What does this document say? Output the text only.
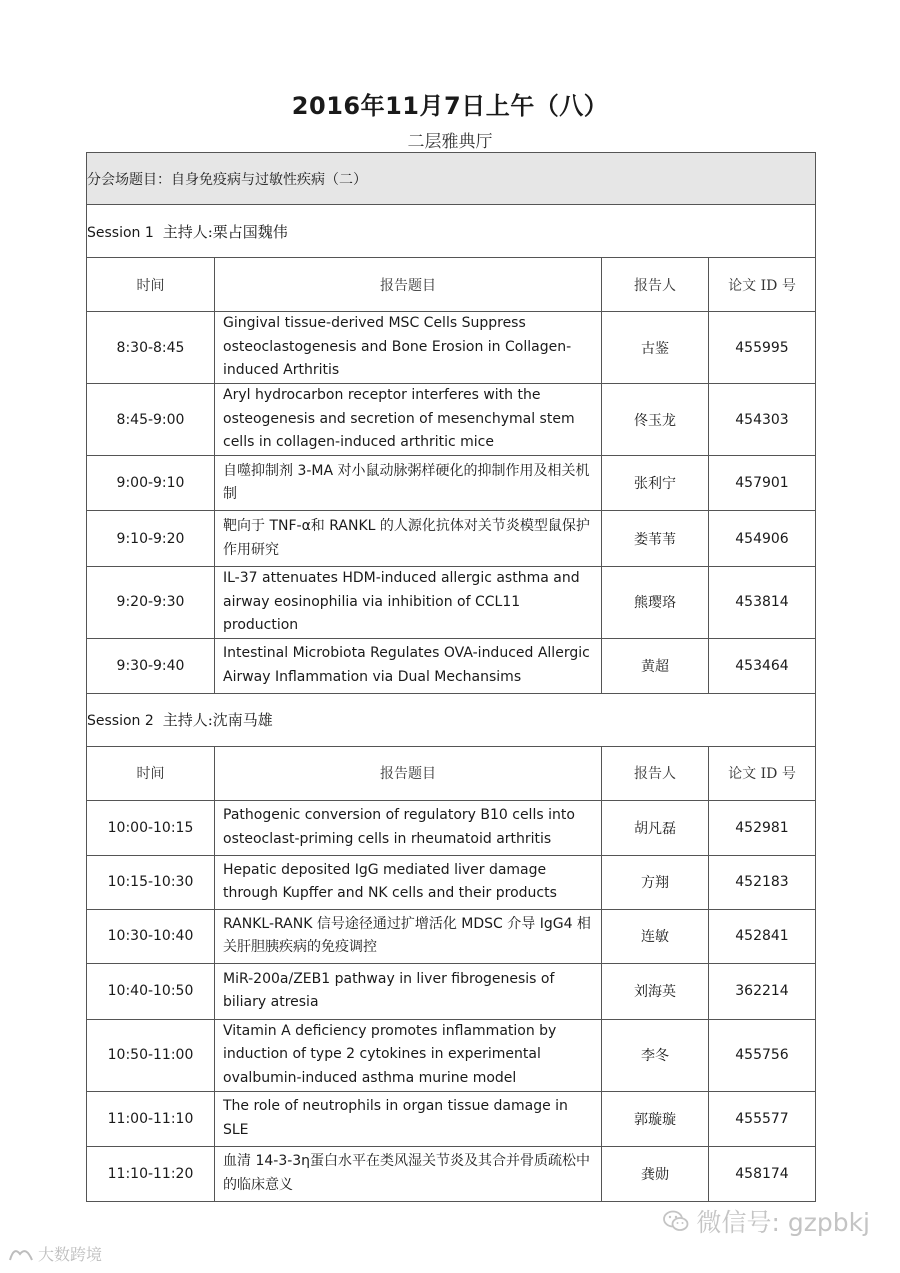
2016年11月7日上午（八）
二层雅典厅
分会场题目：自身免疫病与过敏性疾病（二）			
Session 1 主持人:栗占国魏伟			
时间	报告题目	报告人	论文 ID 号
8:30-8:45	Gingival tissue-derived MSC Cells Suppress osteoclastogenesis and Bone Erosion in Collagen-induced Arthritis	古鉴	455995
8:45-9:00	Aryl hydrocarbon receptor interferes with the osteogenesis and secretion of mesenchymal stem cells in collagen-induced arthritic mice	佟玉龙	454303
9:00-9:10	自噬抑制剂 3-MA 对小鼠动脉粥样硬化的抑制作用及相关机制	张利宁	457901
9:10-9:20	靶向于 TNF-α和 RANKL 的人源化抗体对关节炎模型鼠保护作用研究	娄苇苇	454906
9:20-9:30	IL-37 attenuates HDM-induced allergic asthma and airway eosinophilia via inhibition of CCL11 production	熊璎珞	453814
9:30-9:40	Intestinal Microbiota Regulates OVA-induced Allergic Airway Inflammation via Dual Mechansims	黄超	453464
Session 2 主持人:沈南马雄			
时间	报告题目	报告人	论文 ID 号
10:00-10:15	Pathogenic conversion of regulatory B10 cells into osteoclast-priming cells in rheumatoid arthritis	胡凡磊	452981
10:15-10:30	Hepatic deposited IgG mediated liver damage through Kupffer and NK cells and their products	方翔	452183
10:30-10:40	RANKL-RANK 信号途径通过扩增活化 MDSC 介导 IgG4 相关肝胆胰疾病的免疫调控	连敏	452841
10:40-10:50	MiR-200a/ZEB1 pathway in liver fibrogenesis of biliary atresia	刘海英	362214
10:50-11:00	Vitamin A deficiency promotes inflammation by induction of type 2 cytokines in experimental ovalbumin-induced asthma murine model	李冬	455756
11:00-11:10	The role of neutrophils in organ tissue damage in SLE	郭璇璇	455577
11:10-11:20	血清 14-3-3η蛋白水平在类风湿关节炎及其合并骨质疏松中的临床意义	龚勋	458174
微信号: gzpbkj
大数跨境
